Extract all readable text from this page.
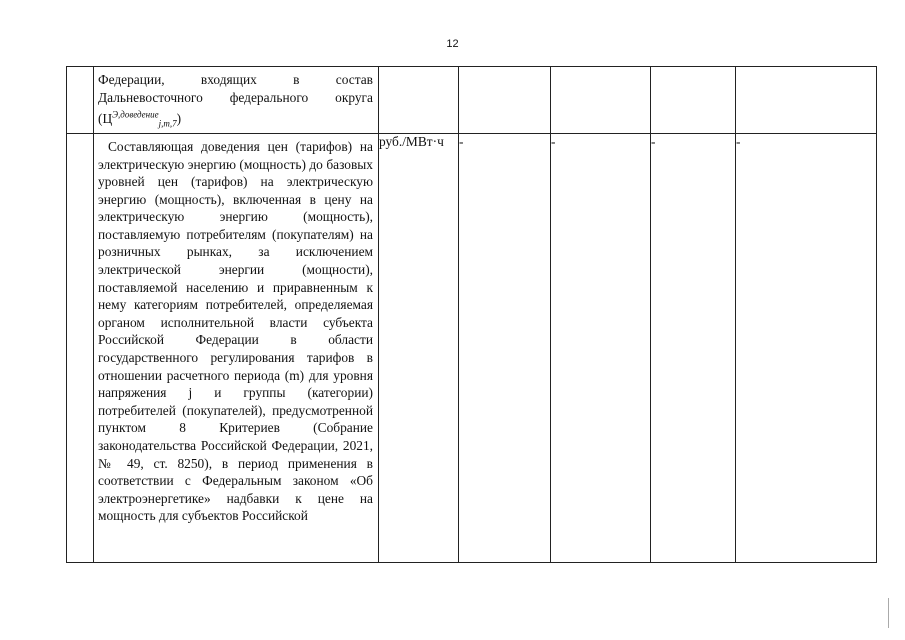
12

	Федерации, входящих в состав Дальневосточного федерального округа $(Ц^{Э,доведение}_{j,m,7})$					

	Составляющая доведения цен (тарифов) на электрическую энергию (мощность) до базовых уровней цен (тарифов) на электрическую энергию (мощность), включенная в цену на электрическую энергию (мощность), поставляемую потребителям (покупателям) на розничных рынках, за исключением электрической энергии (мощности), поставляемой населению и приравненным к нему категориям потребителей, определяемая органом исполнительной власти субъекта Российской Федерации в области государственного регулирования тарифов в отношении расчетного периода (m) для уровня напряжения j и группы (категории) потребителей (покупателей), предусмотренной пунктом 8 Критериев (Собрание законодательства Российской Федерации, 2021, № 49, ст. 8250), в период применения в соответствии с Федеральным законом «Об электроэнергетике» надбавки к цене на мощность для субъектов Российской	руб./МВт·ч	-	-	-	-
